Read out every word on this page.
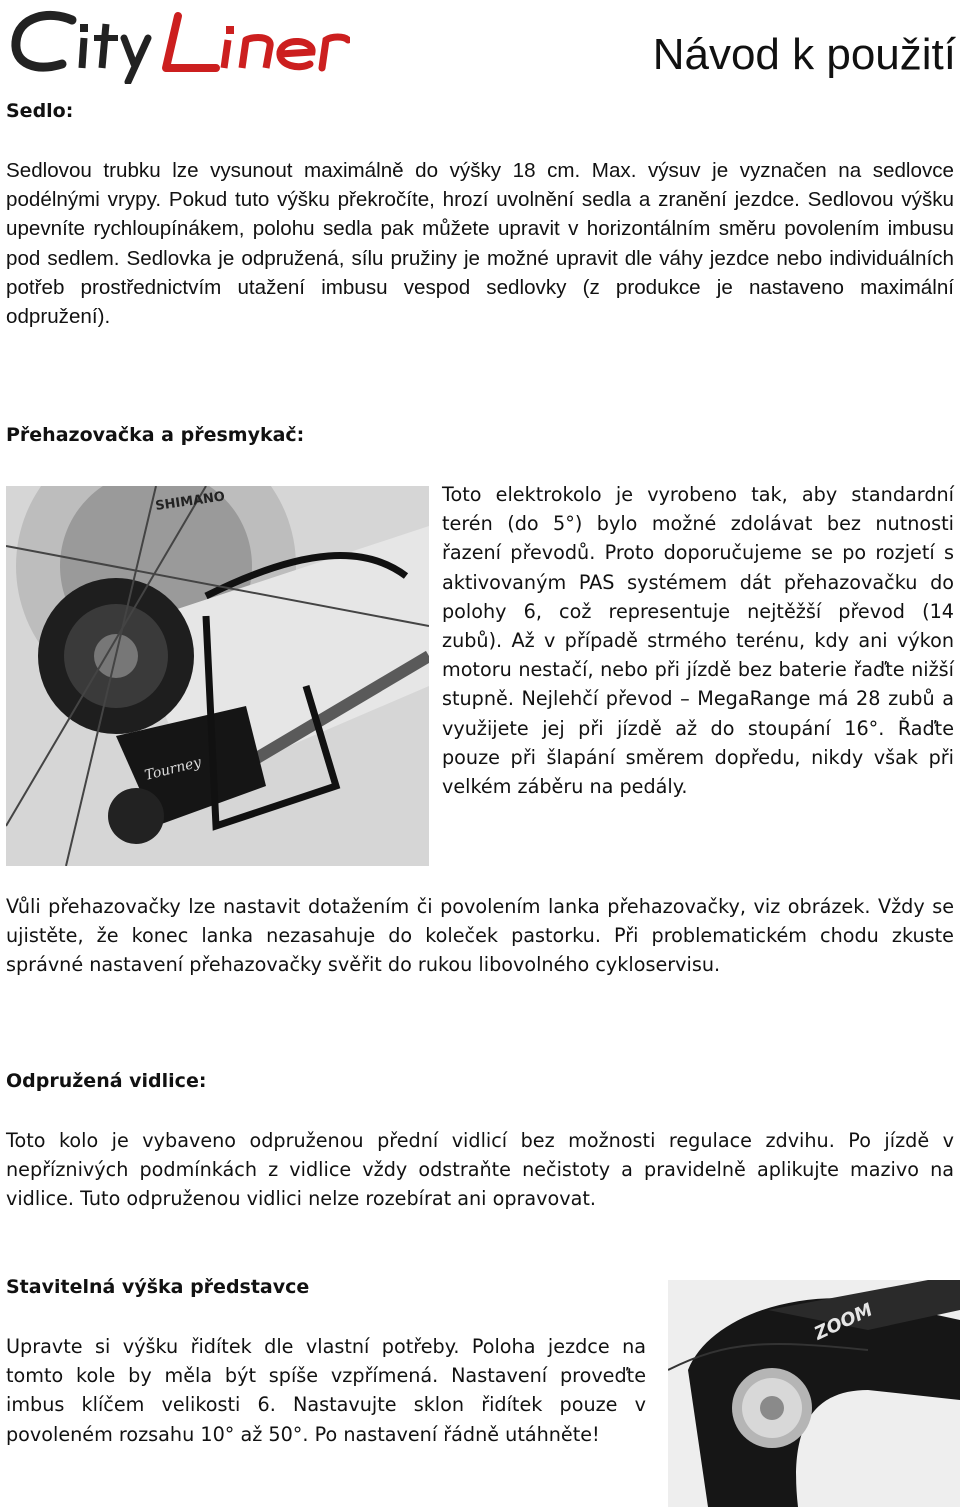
Návod k použití
Sedlo:

Sedlovou trubku lze vysunout maximálně do výšky 18 cm. Max. výsuv je vyznačen na sedlovce podélnými vrypy. Pokud tuto výšku překročíte, hrozí uvolnění sedla a zranění jezdce. Sedlovou výšku upevníte rychloupínákem, polohu sedla pak můžete upravit v horizontálním směru povolením imbusu pod sedlem. Sedlovka je odpružená, sílu pružiny je možné upravit dle váhy jezdce nebo individuálních potřeb prostřednictvím utažení imbusu vespod sedlovky (z produkce je nastaveno maximální odpružení).

Přehazovačka a přesmykač:
SHIMANO
Tourney

Toto elektrokolo je vyrobeno tak, aby standardní terén (do 5°) bylo možné zdolávat bez nutnosti řazení převodů. Proto doporučujeme se po rozjetí s aktivovaným PAS systémem dát přehazovačku do polohy 6, což representuje nejtěžší převod (14 zubů). Až v případě strmého terénu, kdy ani výkon motoru nestačí, nebo při jízdě bez baterie řaďte nižší stupně. Nejlehčí převod – MegaRange má 28 zubů a využijete jej při jízdě až do stoupání 16°. Řaďte pouze při šlapání směrem dopředu, nikdy však při velkém záběru na pedály.

Vůli přehazovačky lze nastavit dotažením či povolením lanka přehazovačky, viz obrázek. Vždy se ujistěte, že konec lanka nezasahuje do koleček pastorku. Při problematickém chodu zkuste správné nastavení přehazovačky svěřit do rukou libovolného cykloservisu.

Odpružená vidlice:

Toto kolo je vybaveno odpruženou přední vidlicí bez možnosti regulace zdvihu. Po jízdě v nepříznivých podmínkách z vidlice vždy odstraňte nečistoty a pravidelně aplikujte mazivo na vidlice. Tuto odpruženou vidlici nelze rozebírat ani opravovat.

Stavitelná výška představce

Upravte si výšku řidítek dle vlastní potřeby. Poloha jezdce na tomto kole by měla být spíše vzpřímená. Nastavení proveďte imbus klíčem velikosti 6. Nastavujte sklon řidítek pouze v povoleném rozsahu 10° až 50°. Po nastavení řádně utáhněte!

ZOOM
